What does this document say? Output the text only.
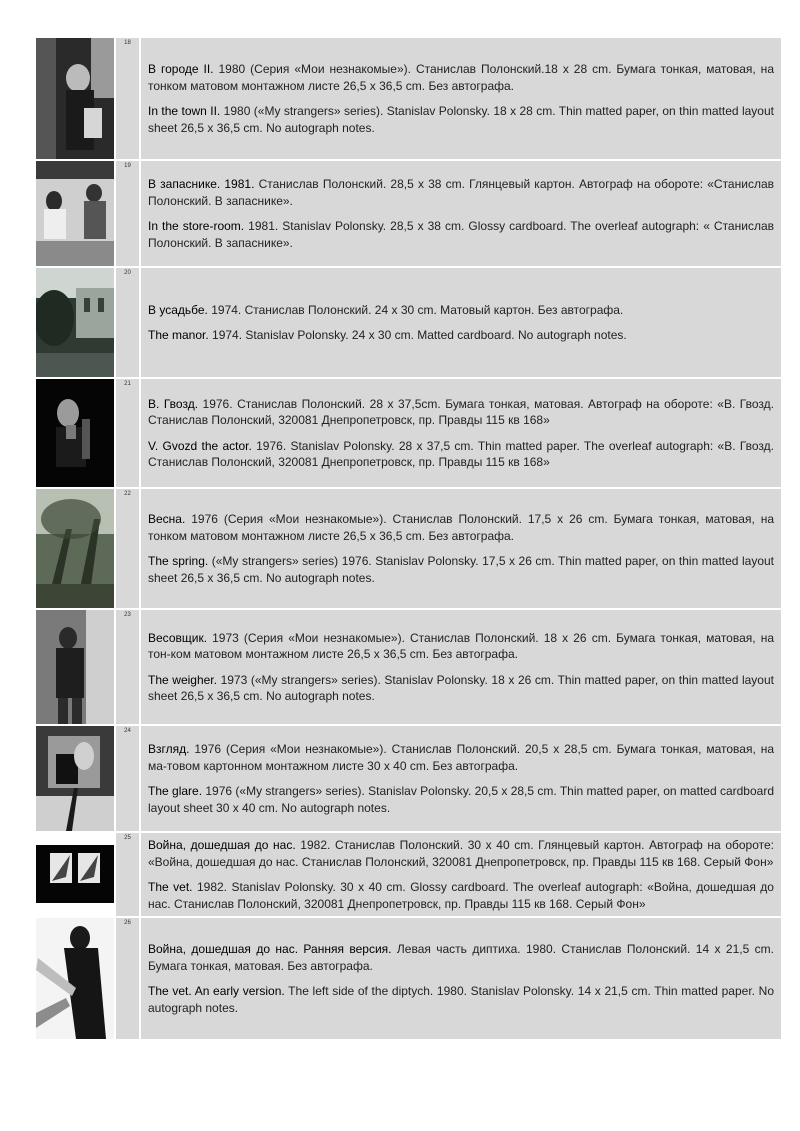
18

В городе II. 1980 (Серия «Мои незнакомые»). Станислав Полонский.18 x 28 cm. Бумага тонкая, матовая, на тонком матовом монтажном листе 26,5 x 36,5 cm. Без автографа.

In the town II. 1980 («My strangers» series). Stanislav Polonsky. 18 x 28 cm. Thin matted paper, on thin matted layout sheet 26,5 x 36,5 cm. No autograph notes.

19

В запаснике. 1981. Станислав Полонский. 28,5 x 38 cm. Глянцевый картон. Автограф на обороте: «Станислав Полонский. В запаснике».

In the store-room. 1981. Stanislav Polonsky. 28,5 x 38 cm. Glossy cardboard. The overleaf autograph: « Станислав Полонский. В запаснике».

20

В усадьбе. 1974. Станислав Полонский. 24 x 30 cm. Матовый картон. Без автографа.

The manor. 1974. Stanislav Polonsky. 24 x 30 cm. Matted cardboard. No autograph notes.

21

В. Гвозд. 1976. Станислав Полонский. 28 x 37,5cm. Бумага тонкая, матовая. Автограф на обороте: «В. Гвозд. Станислав Полонский, 320081 Днепропетровск, пр. Правды 115 кв 168»

V. Gvozd the actor. 1976. Stanislav Polonsky. 28 x 37,5 cm. Thin matted paper. The overleaf autograph: «В. Гвозд. Станислав Полонский, 320081 Днепропетровск, пр. Правды 115 кв 168»

22

Весна. 1976 (Серия «Мои незнакомые»). Станислав Полонский. 17,5 x 26 cm. Бумага тонкая, матовая, на тонком матовом монтажном листе 26,5 x 36,5 cm. Без автографа.

The spring. («My strangers» series) 1976. Stanislav Polonsky. 17,5 x 26 cm. Thin matted paper, on thin matted layout sheet 26,5 x 36,5 cm. No autograph notes.

23

Весовщик. 1973 (Серия «Мои незнакомые»). Станислав Полонский. 18 x 26 cm. Бумага тонкая, матовая, на тон-ком матовом монтажном листе 26,5 x 36,5 cm. Без автографа.

The weigher. 1973 («My strangers» series). Stanislav Polonsky. 18 x 26 cm. Thin matted paper, on thin matted layout sheet 26,5 x 36,5 cm. No autograph notes.

24

Взгляд. 1976 (Серия «Мои незнакомые»). Станислав Полонский. 20,5 x 28,5 cm. Бумага тонкая, матовая, на ма-товом картонном монтажном листе 30 x 40 cm. Без автографа.

The glare. 1976 («My strangers» series). Stanislav Polonsky. 20,5 x 28,5 cm. Thin matted paper, on matted cardboard layout sheet 30 x 40 cm. No autograph notes.

25	Война, дошедшая до нас. 1982. Станислав Полонский. 30 x 40 cm. Глянцевый картон. Автограф на обороте: «Война, дошедшая до нас. Станислав Полонский, 320081 Днепропетровск, пр. Правды 115 кв 168. Серый Фон»

The vet. 1982. Stanislav Polonsky. 30 x 40 cm. Glossy cardboard. The overleaf autograph: «Война, дошедшая до нас. Станислав Полонский, 320081 Днепропетровск, пр. Правды 115 кв 168. Серый Фон»

26

Война, дошедшая до нас. Ранняя версия. Левая часть диптиха. 1980. Станислав Полонский. 14 x 21,5 cm. Бумага тонкая, матовая. Без автографа.

The vet. An early version. The left side of the diptych. 1980. Stanislav Polonsky. 14 x 21,5 cm. Thin matted paper. No autograph notes.
